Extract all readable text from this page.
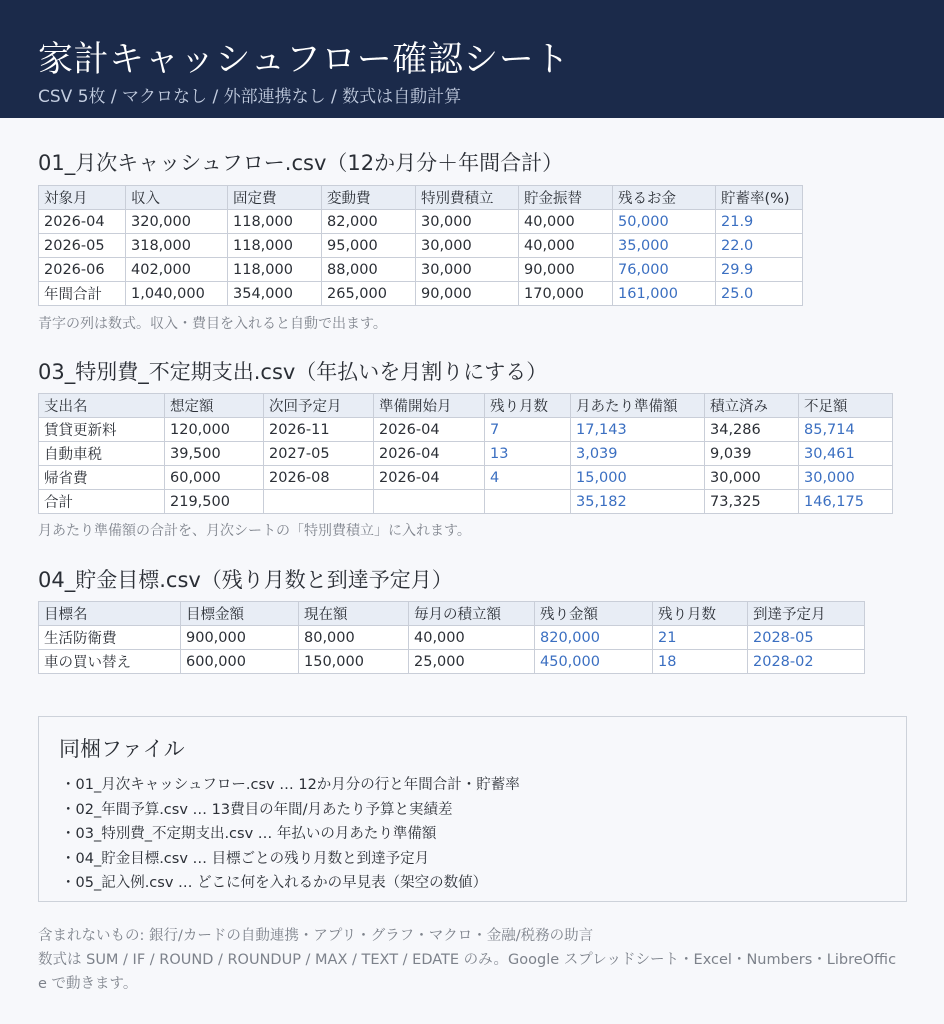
家計キャッシュフロー確認シート
CSV 5枚 / マクロなし / 外部連携なし / 数式は自動計算
01_月次キャッシュフロー.csv（12か月分＋年間合計）
対象月	収入	固定費	変動費	特別費積立	貯金振替	残るお金	貯蓄率(%)
2026-04	320,000	118,000	82,000	30,000	40,000	50,000	21.9
2026-05	318,000	118,000	95,000	30,000	40,000	35,000	22.0
2026-06	402,000	118,000	88,000	30,000	90,000	76,000	29.9
年間合計	1,040,000	354,000	265,000	90,000	170,000	161,000	25.0
青字の列は数式。収入・費目を入れると自動で出ます。
03_特別費_不定期支出.csv（年払いを月割りにする）
支出名	想定額	次回予定月	準備開始月	残り月数	月あたり準備額	積立済み	不足額
賃貸更新料	120,000	2026-11	2026-04	7	17,143	34,286	85,714
自動車税	39,500	2027-05	2026-04	13	3,039	9,039	30,461
帰省費	60,000	2026-08	2026-04	4	15,000	30,000	30,000
合計	219,500				35,182	73,325	146,175
月あたり準備額の合計を、月次シートの「特別費積立」に入れます。
04_貯金目標.csv（残り月数と到達予定月）
目標名	目標金額	現在額	毎月の積立額	残り金額	残り月数	到達予定月
生活防衛費	900,000	80,000	40,000	820,000	21	2028-05
車の買い替え	600,000	150,000	25,000	450,000	18	2028-02
同梱ファイル
・01_月次キャッシュフロー.csv … 12か月分の行と年間合計・貯蓄率
・02_年間予算.csv … 13費目の年間/月あたり予算と実績差
・03_特別費_不定期支出.csv … 年払いの月あたり準備額
・04_貯金目標.csv … 目標ごとの残り月数と到達予定月
・05_記入例.csv … どこに何を入れるかの早見表（架空の数値）
含まれないもの: 銀行/カードの自動連携・アプリ・グラフ・マクロ・金融/税務の助言
数式は SUM / IF / ROUND / ROUNDUP / MAX / TEXT / EDATE のみ。Google スプレッドシート・Excel・Numbers・LibreOffice で動きます。
